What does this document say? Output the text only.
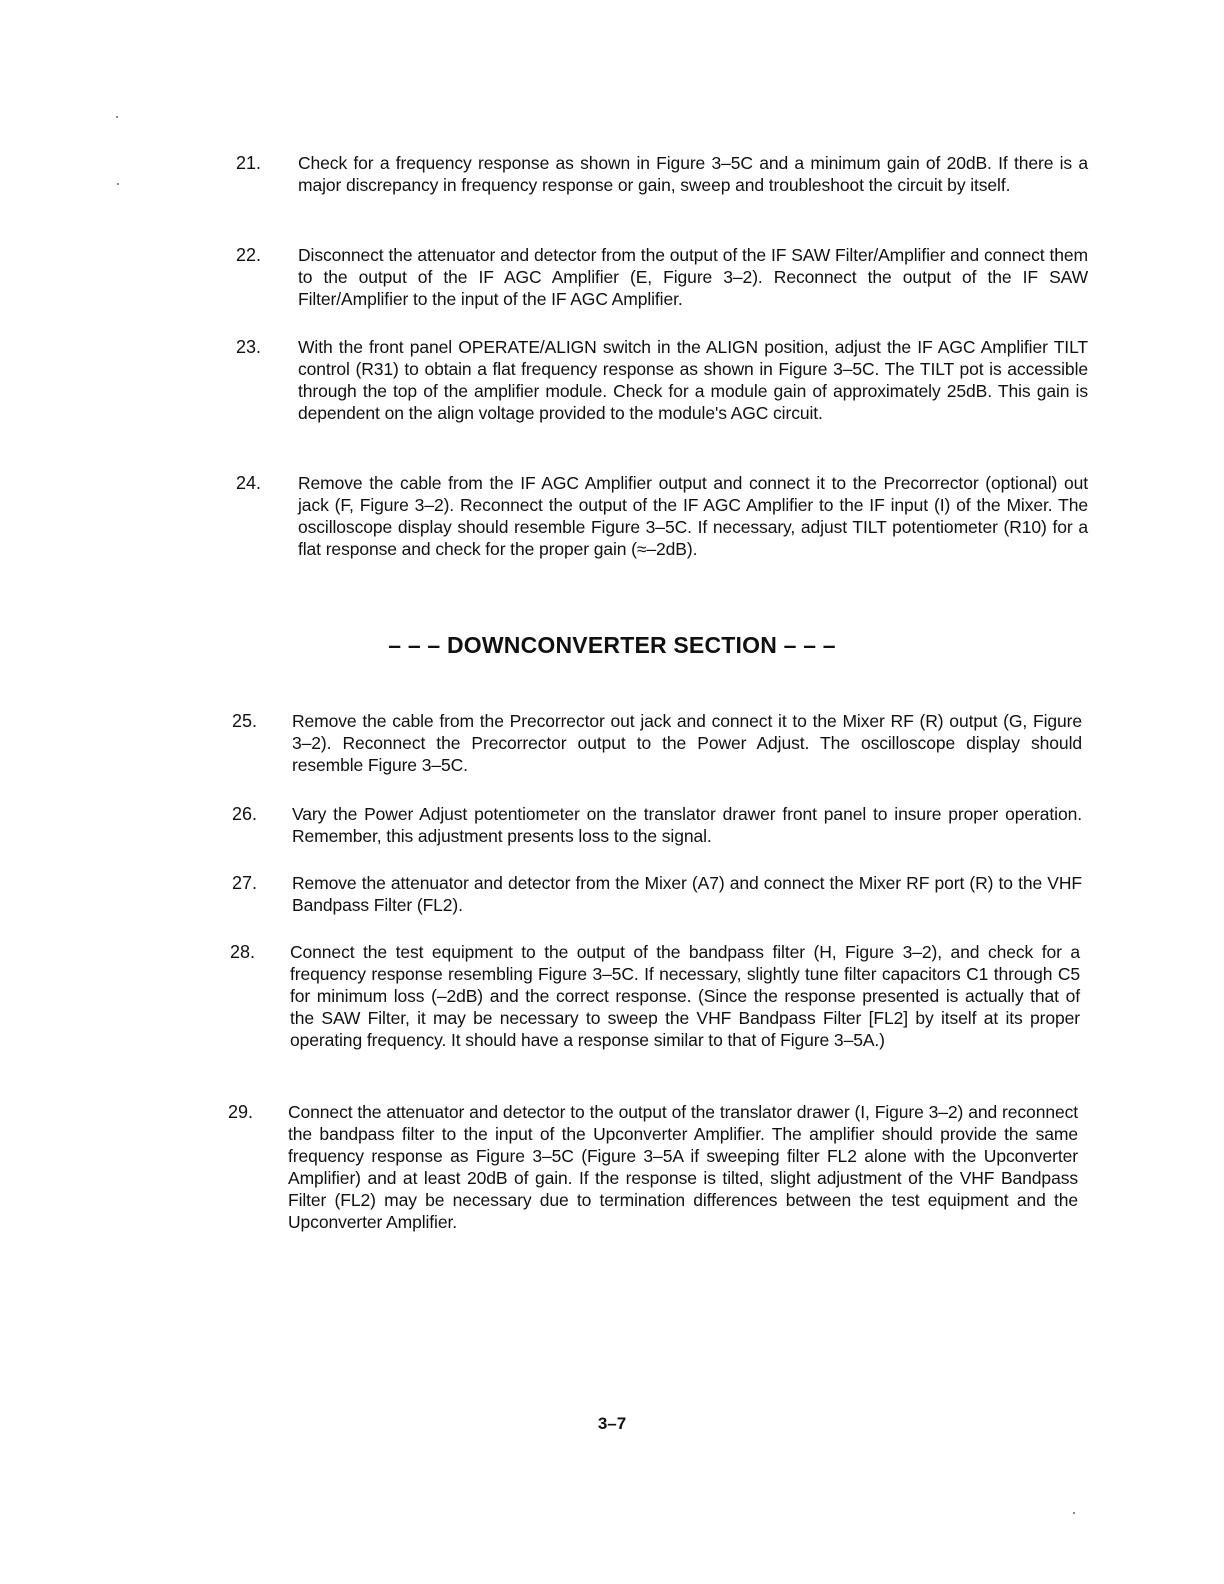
21. Check for a frequency response as shown in Figure 3–5C and a minimum gain of 20dB. If there is a major discrepancy in frequency response or gain, sweep and troubleshoot the circuit by itself.
22. Disconnect the attenuator and detector from the output of the IF SAW Filter/Amplifier and connect them to the output of the IF AGC Amplifier (E, Figure 3–2). Reconnect the output of the IF SAW Filter/Amplifier to the input of the IF AGC Amplifier.
23. With the front panel OPERATE/ALIGN switch in the ALIGN position, adjust the IF AGC Amplifier TILT control (R31) to obtain a flat frequency response as shown in Figure 3–5C. The TILT pot is accessible through the top of the amplifier module. Check for a module gain of approximately 25dB. This gain is dependent on the align voltage provided to the module's AGC circuit.
24. Remove the cable from the IF AGC Amplifier output and connect it to the Precorrector (optional) out jack (F, Figure 3–2). Reconnect the output of the IF AGC Amplifier to the IF input (I) of the Mixer. The oscilloscope display should resemble Figure 3–5C. If necessary, adjust TILT potentiometer (R10) for a flat response and check for the proper gain (≈–2dB).
– – – DOWNCONVERTER SECTION – – –
25. Remove the cable from the Precorrector out jack and connect it to the Mixer RF (R) output (G, Figure 3–2). Reconnect the Precorrector output to the Power Adjust. The oscilloscope display should resemble Figure 3–5C.
26. Vary the Power Adjust potentiometer on the translator drawer front panel to insure proper operation. Remember, this adjustment presents loss to the signal.
27. Remove the attenuator and detector from the Mixer (A7) and connect the Mixer RF port (R) to the VHF Bandpass Filter (FL2).
28. Connect the test equipment to the output of the bandpass filter (H, Figure 3–2), and check for a frequency response resembling Figure 3–5C. If necessary, slightly tune filter capacitors C1 through C5 for minimum loss (–2dB) and the correct response. (Since the response presented is actually that of the SAW Filter, it may be necessary to sweep the VHF Bandpass Filter [FL2] by itself at its proper operating frequency. It should have a response similar to that of Figure 3–5A.)
29. Connect the attenuator and detector to the output of the translator drawer (I, Figure 3–2) and reconnect the bandpass filter to the input of the Upconverter Amplifier. The amplifier should provide the same frequency response as Figure 3–5C (Figure 3–5A if sweeping filter FL2 alone with the Upconverter Amplifier) and at least 20dB of gain. If the response is tilted, slight adjustment of the VHF Bandpass Filter (FL2) may be necessary due to termination differences between the test equipment and the Upconverter Amplifier.
3–7
